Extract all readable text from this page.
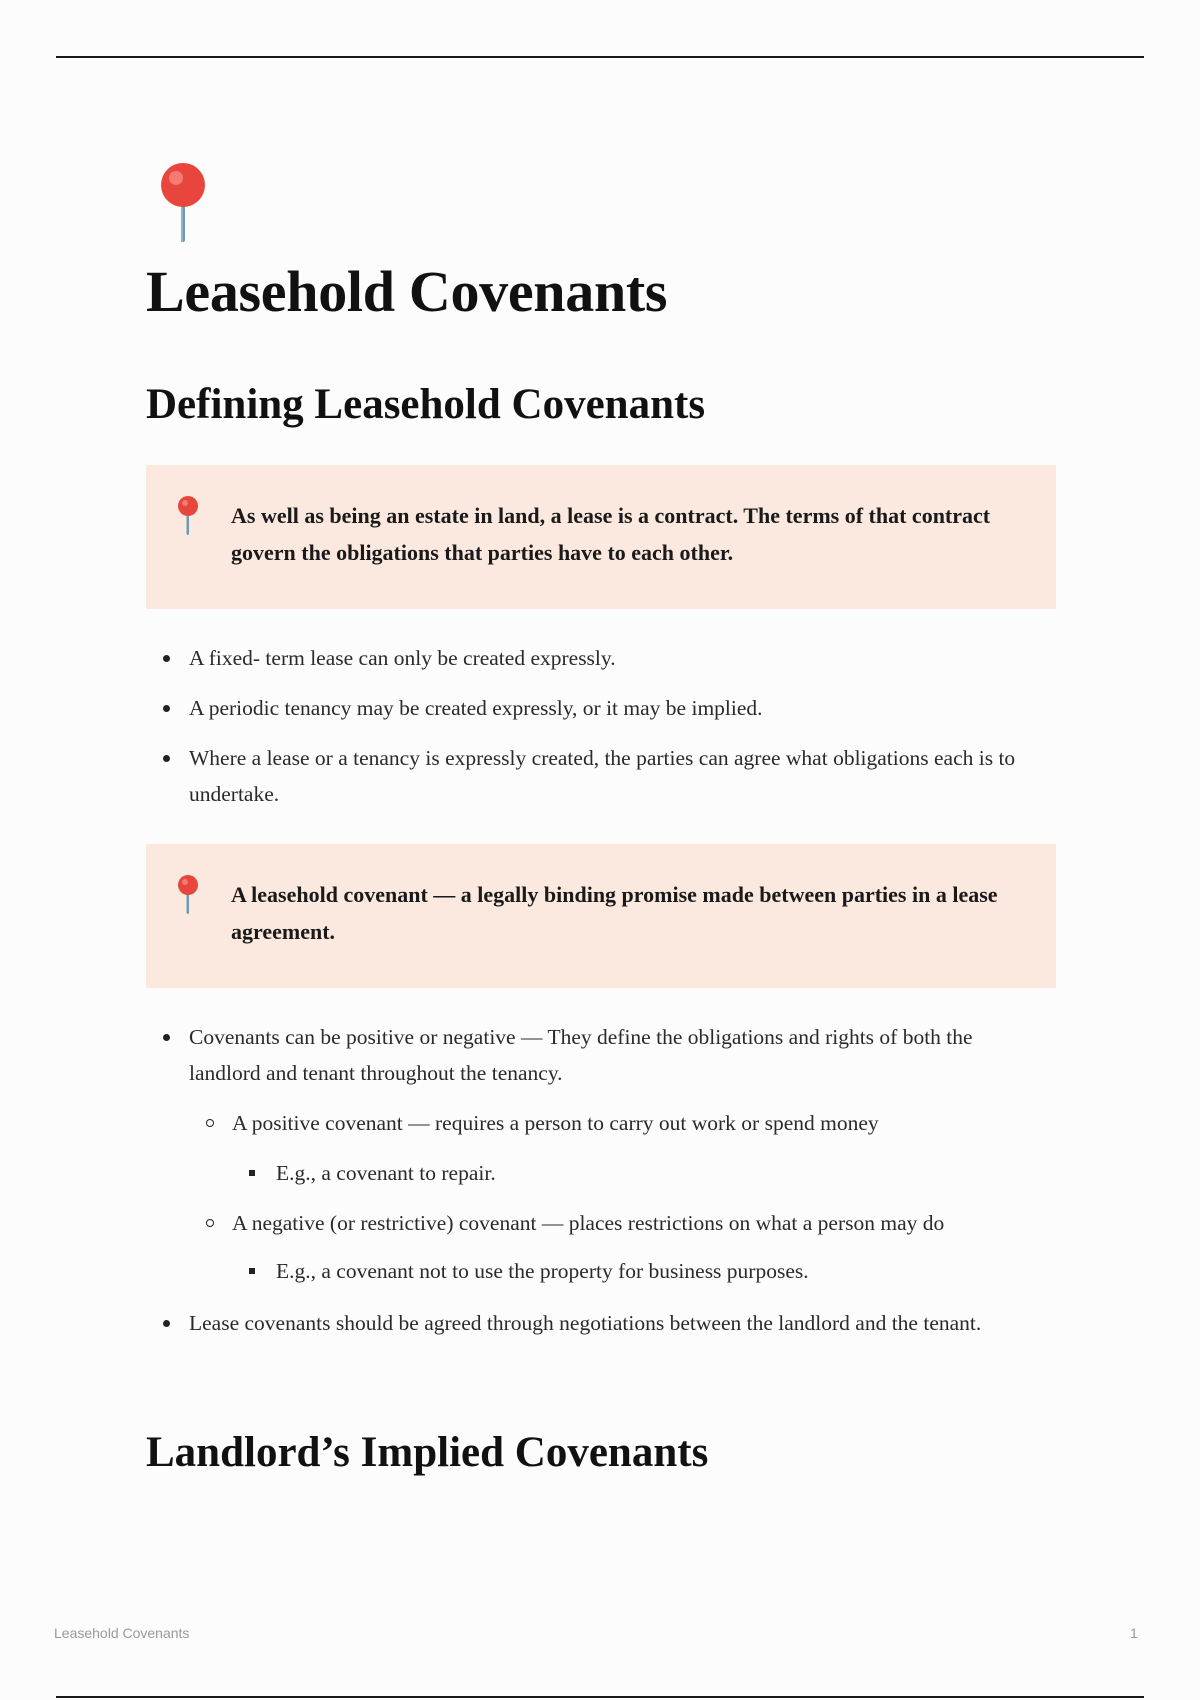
Leasehold Covenants
Defining Leasehold Covenants
As well as being an estate in land, a lease is a contract. The terms of that contract govern the obligations that parties have to each other.
A fixed- term lease can only be created expressly.
A periodic tenancy may be created expressly, or it may be implied.
Where a lease or a tenancy is expressly created, the parties can agree what obligations each is to undertake.
A leasehold covenant — a legally binding promise made between parties in a lease agreement.
Covenants can be positive or negative — They define the obligations and rights of both the landlord and tenant throughout the tenancy.
A positive covenant — requires a person to carry out work or spend money
E.g., a covenant to repair.
A negative (or restrictive) covenant — places restrictions on what a person may do
E.g., a covenant not to use the property for business purposes.
Lease covenants should be agreed through negotiations between the landlord and the tenant.
Landlord’s Implied Covenants
Leasehold Covenants	1
